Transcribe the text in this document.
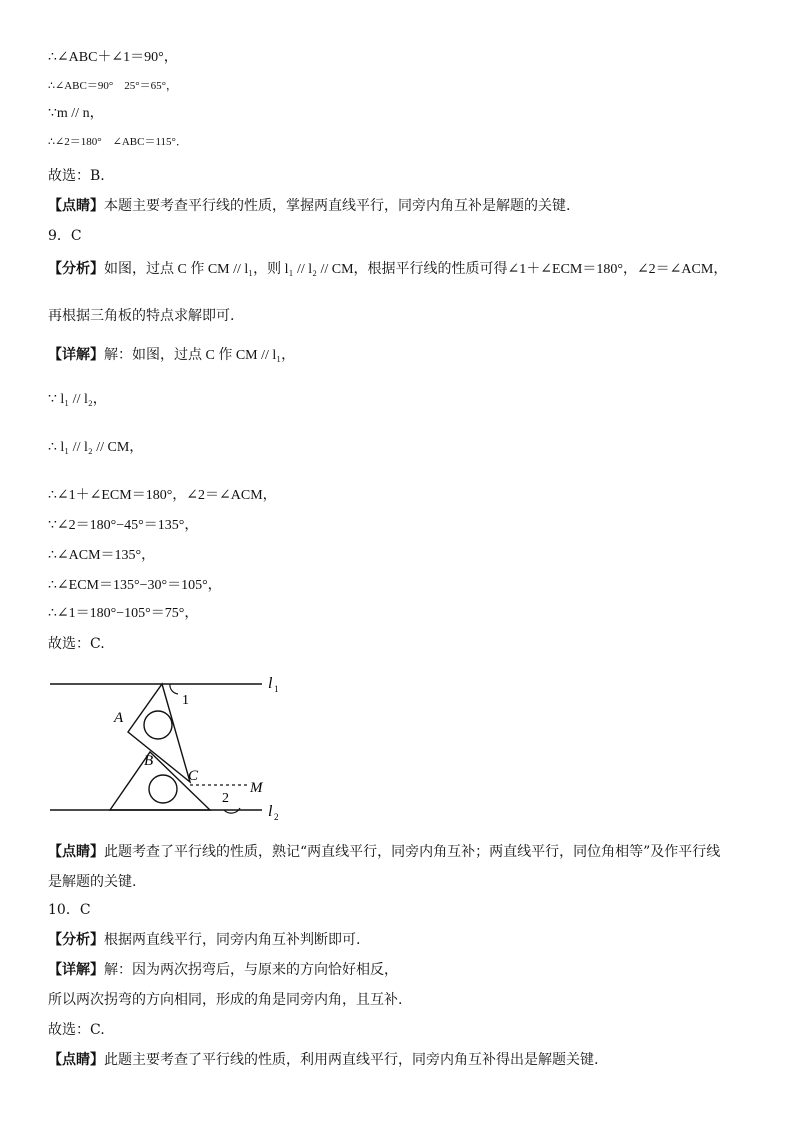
∴∠ABC＋∠1＝90°，
∴∠ABC＝90°　25°＝65°，
∵m // n，
∴∠2＝180°　∠ABC＝115°．
故选：B.
【点睛】本题主要考查平行线的性质，掌握两直线平行，同旁内角互补是解题的关键.
9．C
【分析】如图，过点 C 作 CM // l₁，则 l₁ // l₂ // CM，根据平行线的性质可得∠1＋∠ECM＝180°，∠2＝∠ACM，
再根据三角板的特点求解即可.
【详解】解：如图，过点 C 作 CM // l₁，
∵ l₁ // l₂，
∴ l₁ // l₂ // CM，
∴∠1＋∠ECM＝180°，∠2＝∠ACM，
∵∠2＝180°−45°＝135°，
∴∠ACM＝135°，
∴∠ECM＝135°−30°＝105°，
∴∠1＝180°−105°＝75°，
故选：C.
A
B
C
M
1
2
l 1
l 2
【点睛】此题考查了平行线的性质，熟记“两直线平行，同旁内角互补；两直线平行，同位角相等”及作平行线
是解题的关键.
10．C
【分析】根据两直线平行，同旁内角互补判断即可.
【详解】解：因为两次拐弯后，与原来的方向恰好相反，
所以两次拐弯的方向相同，形成的角是同旁内角，且互补.
故选：C.
【点睛】此题主要考查了平行线的性质，利用两直线平行，同旁内角互补得出是解题关键.
